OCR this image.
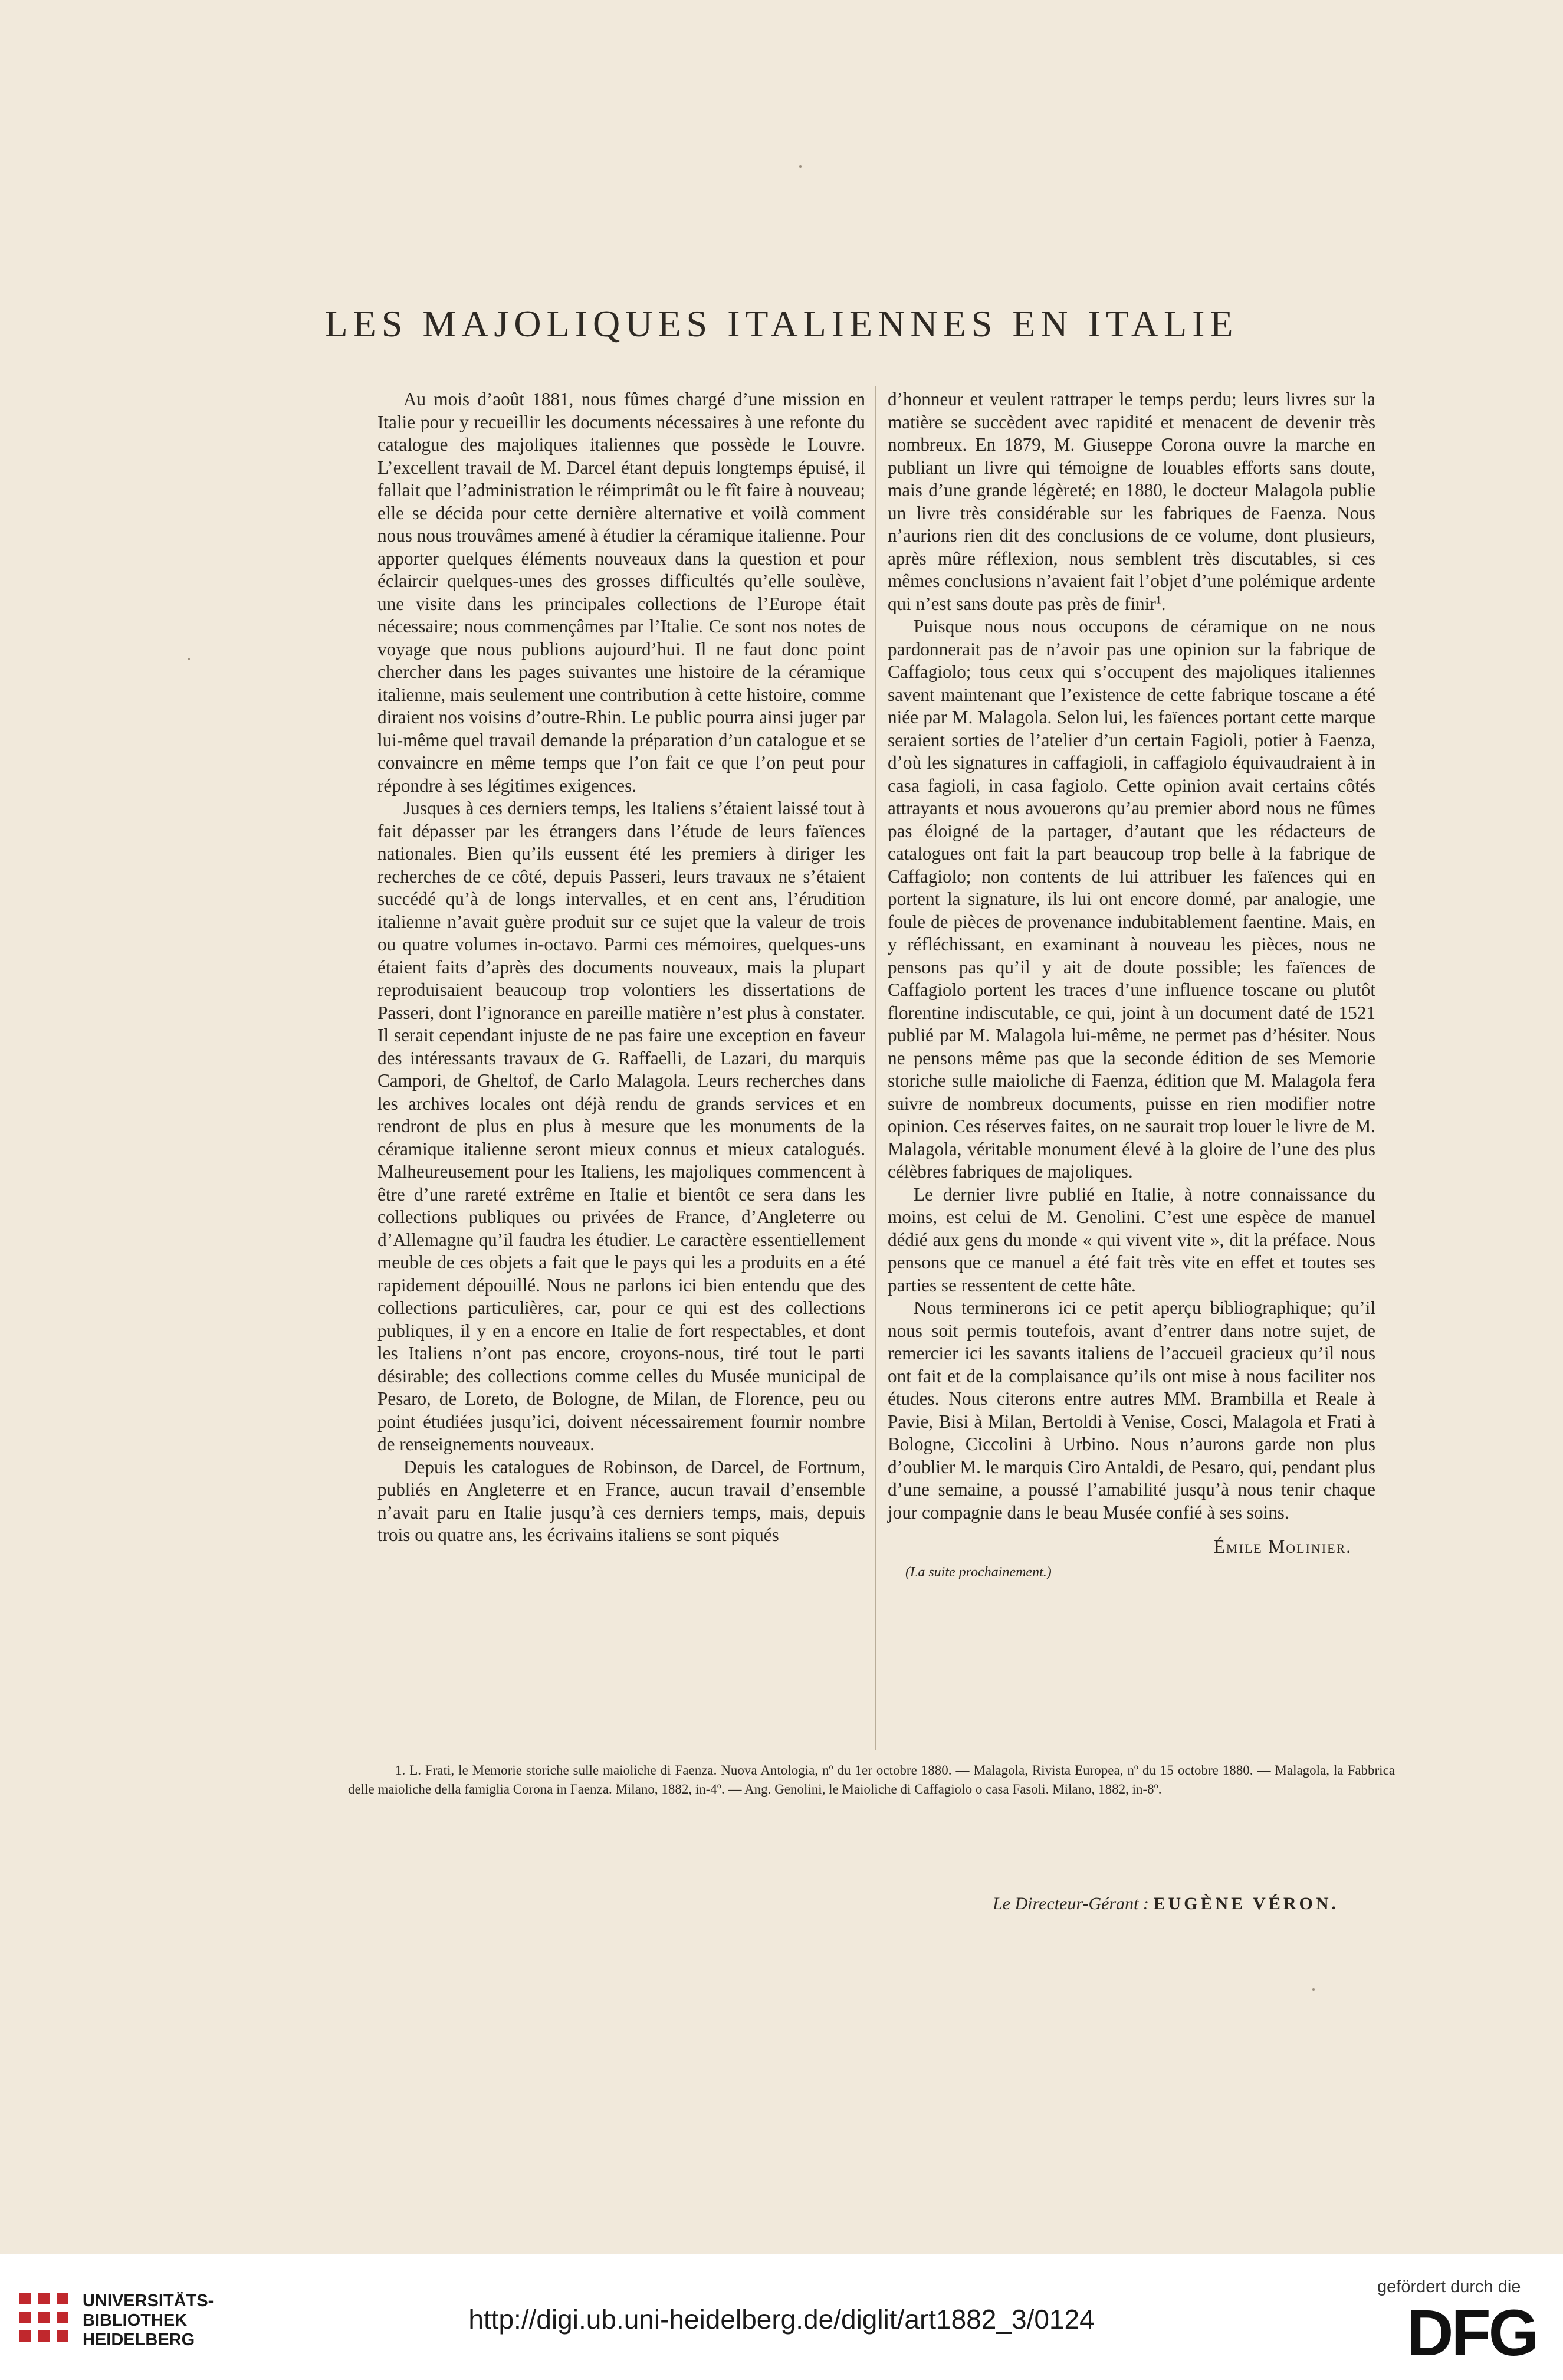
LES MAJOLIQUES ITALIENNES EN ITALIE

Au mois d’août 1881, nous fûmes chargé d’une mission en Italie pour y recueillir les documents nécessaires à une refonte du catalogue des majoliques italiennes que possède le Louvre. L’excellent travail de M. Darcel étant depuis longtemps épuisé, il fallait que l’administration le réimprimât ou le fît faire à nouveau; elle se décida pour cette dernière alternative et voilà comment nous nous trouvâmes amené à étudier la céramique italienne. Pour apporter quelques éléments nouveaux dans la question et pour éclaircir quelques-unes des grosses difficultés qu’elle soulève, une visite dans les principales collections de l’Europe était nécessaire; nous commençâmes par l’Italie. Ce sont nos notes de voyage que nous publions aujourd’hui. Il ne faut donc point chercher dans les pages suivantes une histoire de la céramique italienne, mais seulement une contribution à cette histoire, comme diraient nos voisins d’outre-Rhin. Le public pourra ainsi juger par lui-même quel travail demande la préparation d’un catalogue et se convaincre en même temps que l’on fait ce que l’on peut pour répondre à ses légitimes exigences.

Jusques à ces derniers temps, les Italiens s’étaient laissé tout à fait dépasser par les étrangers dans l’étude de leurs faïences nationales. Bien qu’ils eussent été les premiers à diriger les recherches de ce côté, depuis Passeri, leurs travaux ne s’étaient succédé qu’à de longs intervalles, et en cent ans, l’érudition italienne n’avait guère produit sur ce sujet que la valeur de trois ou quatre volumes in-octavo. Parmi ces mémoires, quelques-uns étaient faits d’après des documents nouveaux, mais la plupart reproduisaient beaucoup trop volontiers les dissertations de Passeri, dont l’ignorance en pareille matière n’est plus à constater. Il serait cependant injuste de ne pas faire une exception en faveur des intéressants travaux de G. Raffaelli, de Lazari, du marquis Campori, de Gheltof, de Carlo Malagola. Leurs recherches dans les archives locales ont déjà rendu de grands services et en rendront de plus en plus à mesure que les monuments de la céramique italienne seront mieux connus et mieux catalogués. Malheureusement pour les Italiens, les majoliques commencent à être d’une rareté extrême en Italie et bientôt ce sera dans les collections publiques ou privées de France, d’Angleterre ou d’Allemagne qu’il faudra les étudier. Le caractère essentiellement meuble de ces objets a fait que le pays qui les a produits en a été rapidement dépouillé. Nous ne parlons ici bien entendu que des collections particulières, car, pour ce qui est des collections publiques, il y en a encore en Italie de fort respectables, et dont les Italiens n’ont pas encore, croyons-nous, tiré tout le parti désirable; des collections comme celles du Musée municipal de Pesaro, de Loreto, de Bologne, de Milan, de Florence, peu ou point étudiées jusqu’ici, doivent nécessairement fournir nombre de renseignements nouveaux.

Depuis les catalogues de Robinson, de Darcel, de Fortnum, publiés en Angleterre et en France, aucun travail d’ensemble n’avait paru en Italie jusqu’à ces derniers temps, mais, depuis trois ou quatre ans, les écrivains italiens se sont piqués

d’honneur et veulent rattraper le temps perdu; leurs livres sur la matière se succèdent avec rapidité et menacent de devenir très nombreux. En 1879, M. Giuseppe Corona ouvre la marche en publiant un livre qui témoigne de louables efforts sans doute, mais d’une grande légèreté; en 1880, le docteur Malagola publie un livre très considérable sur les fabriques de Faenza. Nous n’aurions rien dit des conclusions de ce volume, dont plusieurs, après mûre réflexion, nous semblent très discutables, si ces mêmes conclusions n’avaient fait l’objet d’une polémique ardente qui n’est sans doute pas près de finir$^1$.

Puisque nous nous occupons de céramique on ne nous pardonnerait pas de n’avoir pas une opinion sur la fabrique de Caffagiolo; tous ceux qui s’occupent des majoliques italiennes savent maintenant que l’existence de cette fabrique toscane a été niée par M. Malagola. Selon lui, les faïences portant cette marque seraient sorties de l’atelier d’un certain Fagioli, potier à Faenza, d’où les signatures in caffagioli, in caffagiolo équivaudraient à in casa fagioli, in casa fagiolo. Cette opinion avait certains côtés attrayants et nous avouerons qu’au premier abord nous ne fûmes pas éloigné de la partager, d’autant que les rédacteurs de catalogues ont fait la part beaucoup trop belle à la fabrique de Caffagiolo; non contents de lui attribuer les faïences qui en portent la signature, ils lui ont encore donné, par analogie, une foule de pièces de provenance indubitablement faentine. Mais, en y réfléchissant, en examinant à nouveau les pièces, nous ne pensons pas qu’il y ait de doute possible; les faïences de Caffagiolo portent les traces d’une influence toscane ou plutôt florentine indiscutable, ce qui, joint à un document daté de 1521 publié par M. Malagola lui-même, ne permet pas d’hésiter. Nous ne pensons même pas que la seconde édition de ses Memorie storiche sulle maioliche di Faenza, édition que M. Malagola fera suivre de nombreux documents, puisse en rien modifier notre opinion. Ces réserves faites, on ne saurait trop louer le livre de M. Malagola, véritable monument élevé à la gloire de l’une des plus célèbres fabriques de majoliques.

Le dernier livre publié en Italie, à notre connaissance du moins, est celui de M. Genolini. C’est une espèce de manuel dédié aux gens du monde « qui vivent vite », dit la préface. Nous pensons que ce manuel a été fait très vite en effet et toutes ses parties se ressentent de cette hâte.

Nous terminerons ici ce petit aperçu bibliographique; qu’il nous soit permis toutefois, avant d’entrer dans notre sujet, de remercier ici les savants italiens de l’accueil gracieux qu’il nous ont fait et de la complaisance qu’ils ont mise à nous faciliter nos études. Nous citerons entre autres MM. Brambilla et Reale à Pavie, Bisi à Milan, Bertoldi à Venise, Cosci, Malagola et Frati à Bologne, Ciccolini à Urbino. Nous n’aurons garde non plus d’oublier M. le marquis Ciro Antaldi, de Pesaro, qui, pendant plus d’une semaine, a poussé l’amabilité jusqu’à nous tenir chaque jour compagnie dans le beau Musée confié à ses soins.

Émile Molinier.

(La suite prochainement.)

1. L. Frati, le Memorie storiche sulle maioliche di Faenza. Nuova Antologia, nº du 1er octobre 1880. — Malagola, Rivista Europea, nº du 15 octobre 1880. — Malagola, la Fabbrica delle maioliche della famiglia Corona in Faenza. Milano, 1882, in-4º. — Ang. Genolini, le Maioliche di Caffagiolo o casa Fasoli. Milano, 1882, in-8º.

Le Directeur-Gérant : EUGÈNE VÉRON.

UNIVERSITÄTS-
BIBLIOTHEK
HEIDELBERG

http://digi.ub.uni-heidelberg.de/diglit/art1882_3/0124

gefördert durch die

DFG
